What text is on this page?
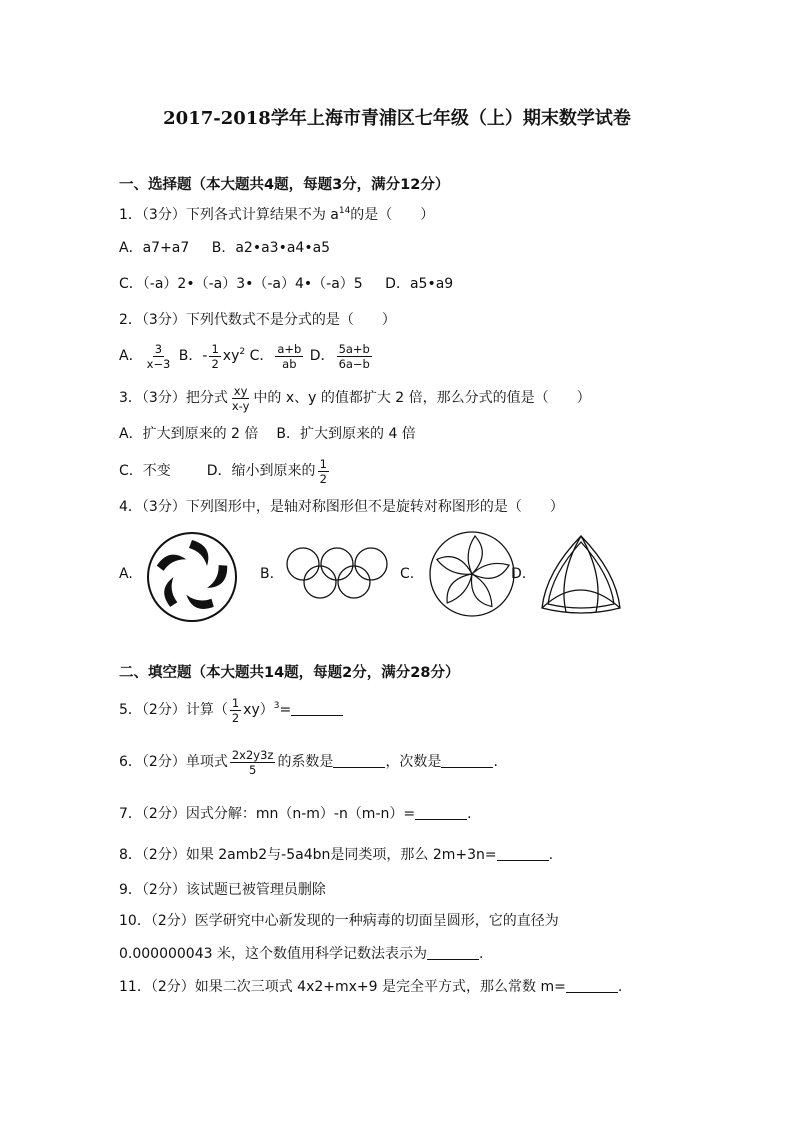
2017-2018学年上海市青浦区七年级（上）期末数学试卷
一、选择题（本大题共4题，每题3分，满分12分）
1．（3分）下列各式计算结果不为 $a^{14}$的是（　　）
A．a7+a7 B．a2•a3•a4•a5
C．（-a）2•（-a）3•（-a）4•（-a）5 D．a5•a9
2．（3分）下列代数式不是分式的是（　　）
A． $\frac{3}{x-3}$ B．- $\frac{1}{2} xy^2$ C． $\frac{a+b}{ab}$ D． $\frac{5a+b}{6a-b}$
3．（3分）把分式 $\frac{xy}{x-y}$ 中的 x、y 的值都扩大 2 倍，那么分式的值是（　　）
A．扩大到原来的 2 倍 B．扩大到原来的 4 倍
C．不变	D．缩小到原来的 $\frac{1}{2}$
4．（3分）下列图形中，是轴对称图形但不是旋转对称图形的是（　　）
A.	B.	C.	D.
二、填空题（本大题共14题，每题2分，满分28分）
5．（2分）计算（ $\frac{1}{2} xy)^3=$
6．（2分）单项式 $\frac{2x2y3z}{5}$ 的系数是	，次数是	.
7．（2分）因式分解：mn（n-m）-n（m-n）=	.
8．（2分）如果 2amb2与-5a4bn是同类项，那么 2m+3n=	.
9．（2分）该试题已被管理员删除
10．（2分）医学研究中心新发现的一种病毒的切面呈圆形，它的直径为
0.000000043 米，这个数值用科学记数法表示为	.
11．（2分）如果二次三项式 4x2+mx+9 是完全平方式，那么常数 m=	.
